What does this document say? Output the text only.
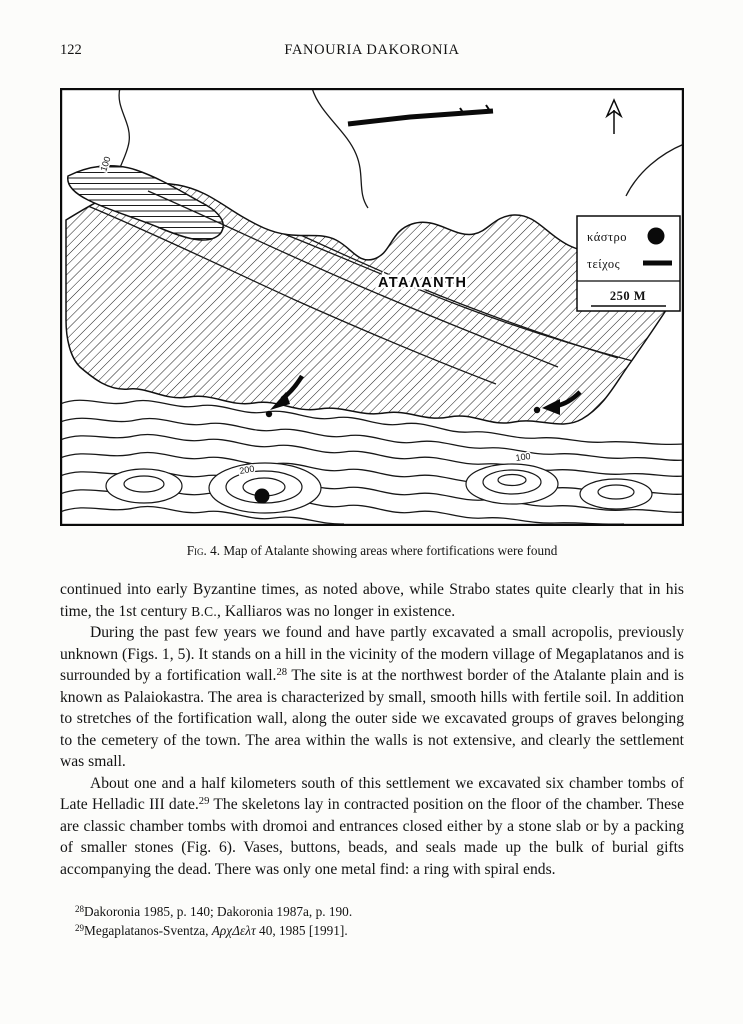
122	FANOURIA DAKORONIA
100
200
100
ΑΤΑΛΑΝΤΗ
κάστρο
τείχος
250 M
Fig. 4. Map of Atalante showing areas where fortifications were found

continued into early Byzantine times, as noted above, while Strabo states quite clearly that in his time, the 1st century B.C., Kalliaros was no longer in existence.

During the past few years we found and have partly excavated a small acropolis, previously unknown (Figs. 1, 5). It stands on a hill in the vicinity of the modern village of Megaplatanos and is surrounded by a fortification wall.$^{28}$ The site is at the northwest border of the Atalante plain and is known as Palaiokastra. The area is characterized by small, smooth hills with fertile soil. In addition to stretches of the fortification wall, along the outer side we excavated groups of graves belonging to the cemetery of the town. The area within the walls is not extensive, and clearly the settlement was small.

About one and a half kilometers south of this settlement we excavated six chamber tombs of Late Helladic III date.$^{29}$ The skeletons lay in contracted position on the floor of the chamber. These are classic chamber tombs with dromoi and entrances closed either by a stone slab or by a packing of smaller stones (Fig. 6). Vases, buttons, beads, and seals made up the bulk of burial gifts accompanying the dead. There was only one metal find: a ring with spiral ends.

$^{28}$Dakoronia 1985, p. 140; Dakoronia 1987a, p. 190.

$^{29}$Megaplatanos-Sventza, ΑρχΔελτ 40, 1985 [1991].
